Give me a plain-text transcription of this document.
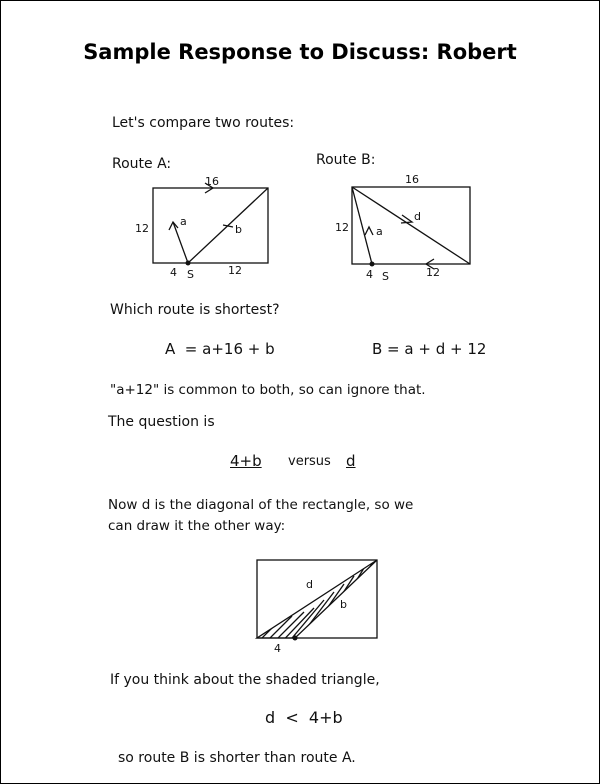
Sample Response to Discuss: Robert
Let's compare two routes:
Route A:	Route B:
16
12
a
b
4 S	12
16
12 a
d
4 S	12
Which route is shortest?
A  = a+16 + b	B = a + d + 12
"a+12" is common to both, so can ignore that.
The question is
4+b versus d
Now d is the diagonal of the rectangle, so we
can draw it the other way:
d
b
4
If you think about the shaded triangle,
d  <  4+b
so route B is shorter than route A.
